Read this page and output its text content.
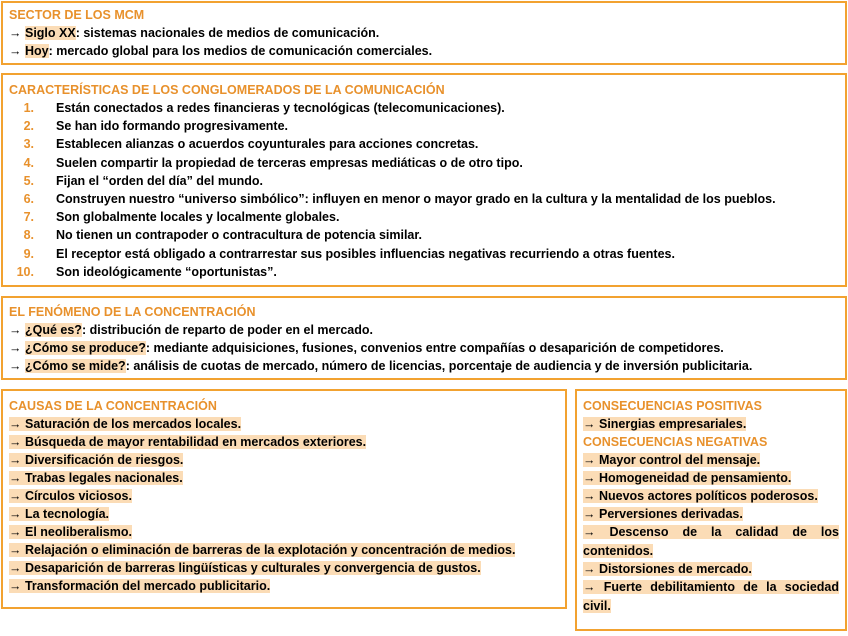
SECTOR DE LOS MCM
→ Siglo XX: sistemas nacionales de medios de comunicación.
→ Hoy: mercado global para los medios de comunicación comerciales.
CARACTERÍSTICAS DE LOS CONGLOMERADOS DE LA COMUNICACIÓN
1. Están conectados a redes financieras y tecnológicas (telecomunicaciones).
2. Se han ido formando progresivamente.
3. Establecen alianzas o acuerdos coyunturales para acciones concretas.
4. Suelen compartir la propiedad de terceras empresas mediáticas o de otro tipo.
5. Fijan el “orden del día” del mundo.
6. Construyen nuestro “universo simbólico”: influyen en menor o mayor grado en la cultura y la mentalidad de los pueblos.
7. Son globalmente locales y localmente globales.
8. No tienen un contrapoder o contracultura de potencia similar.
9. El receptor está obligado a contrarrestar sus posibles influencias negativas recurriendo a otras fuentes.
10. Son ideológicamente “oportunistas”.
EL FENÓMENO DE LA CONCENTRACIÓN
→ ¿Qué es?: distribución de reparto de poder en el mercado.
→ ¿Cómo se produce?: mediante adquisiciones, fusiones, convenios entre compañías o desaparición de competidores.
→ ¿Cómo se mide?: análisis de cuotas de mercado, número de licencias, porcentaje de audiencia y de inversión publicitaria.
CAUSAS DE LA CONCENTRACIÓN
→ Saturación de los mercados locales.
→ Búsqueda de mayor rentabilidad en mercados exteriores.
→ Diversificación de riesgos.
→ Trabas legales nacionales.
→ Círculos viciosos.
→ La tecnología.
→ El neoliberalismo.
→ Relajación o eliminación de barreras de la explotación y concentración de medios.
→ Desaparición de barreras lingüísticas y culturales y convergencia de gustos.
→ Transformación del mercado publicitario.
CONSECUENCIAS POSITIVAS
→ Sinergias empresariales.
CONSECUENCIAS NEGATIVAS
→ Mayor control del mensaje.
→ Homogeneidad de pensamiento.
→ Nuevos actores políticos poderosos.
→ Perversiones derivadas.
→ Descenso de la calidad de los contenidos.
→ Distorsiones de mercado.
→ Fuerte debilitamiento de la sociedad civil.
